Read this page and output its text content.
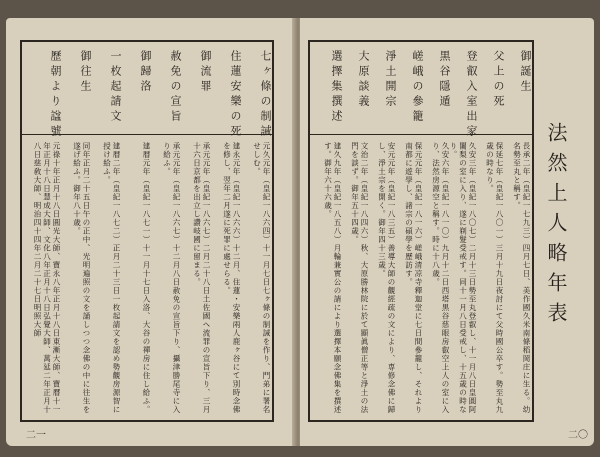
七ヶ條の制誡
元久元年（皇紀一八六四）十一月七日七ヶ條の制誡を作り、門弟に署名せしむ。
住蓮安樂の死
建永元年（皇紀一八六六）十二月、住蓮・安樂兩人鹿ヶ谷にて別時念佛を修し、翌年二月遂に死罪に處せらる。
御流罪
承元元年（皇紀一八六七）二月二十八日土佐國へ流罪の宣旨下り、三月十六日京都を出立し讚岐國に留まる。
赦免の宣旨
承元元年（皇紀一八六七）十二月八日赦免の宣旨下り、攝津勝尾寺に入り給ふ。
御歸洛
建暦元年（皇紀一八七一）十一月十七日入洛、大谷の禪房に住し給ふ。
一枚起請文
建暦二年（皇紀一八七二）正月二十三日一枚起請文を認め勢觀房源智に授け給ふ。
御往生
同年正月二十五日午の正中、光明遍照の文を誦しつつ念佛の中に往生を遂げ給ふ。御年八十歳。
歷朝より諡號
元祿十年正月十八日圓光大師、寶永八年正月十八日東漸大師、寶曆十一年正月十八日慧成大師、文化八年正月十八日弘覺大師、萬延二年正月十八日慈敎大師、明治四十四年二月二十七日明照大師
二一
御誕生
長承二年（皇紀一七九三）四月七日、美作國久米南條稻岡庄に生る。幼名勢至丸と稱す。
父上の死
保延七年（皇紀一八〇一）三月十九日夜討にて父時國公卒す。勢至丸九歳の時なり。
登叡入室出家
久安三年（皇紀一八〇七）二月十三日勢至丸登叡し、十一月八日皇圓阿闍梨の室に入り、遂に剃髮受戒す。同十一月八日受戒し、十五歳の時なり。
黒谷隱遁
久安六年（皇紀一八一〇）九月十二日西塔黒谷慈眼房叡空上人の室に入り、法然房源空と稱す。時に十八歳。
嵯峨の參籠
保元元年（皇紀一八一六）嵯峨清凉寺釋迦堂に七日間參籠し、それより南都に遊學し、諸宗の碩學を歷訪す。
淨土開宗
安元元年（皇紀一八三五）善導大師の觀經疏の文により、専修念佛に歸し、淨土宗を開く。御年四十三歳。
大原談義
文治二年（皇紀一八四六）秋、大原勝林院に於て顯眞僧正等と淨土の法門を談ず。御年五十四歳。
選擇集撰述
建久九年（皇紀一八五八）月輪兼實公の請により選擇本願念佛集を撰述す。御年六十六歳。	法然上人略年表
二〇
